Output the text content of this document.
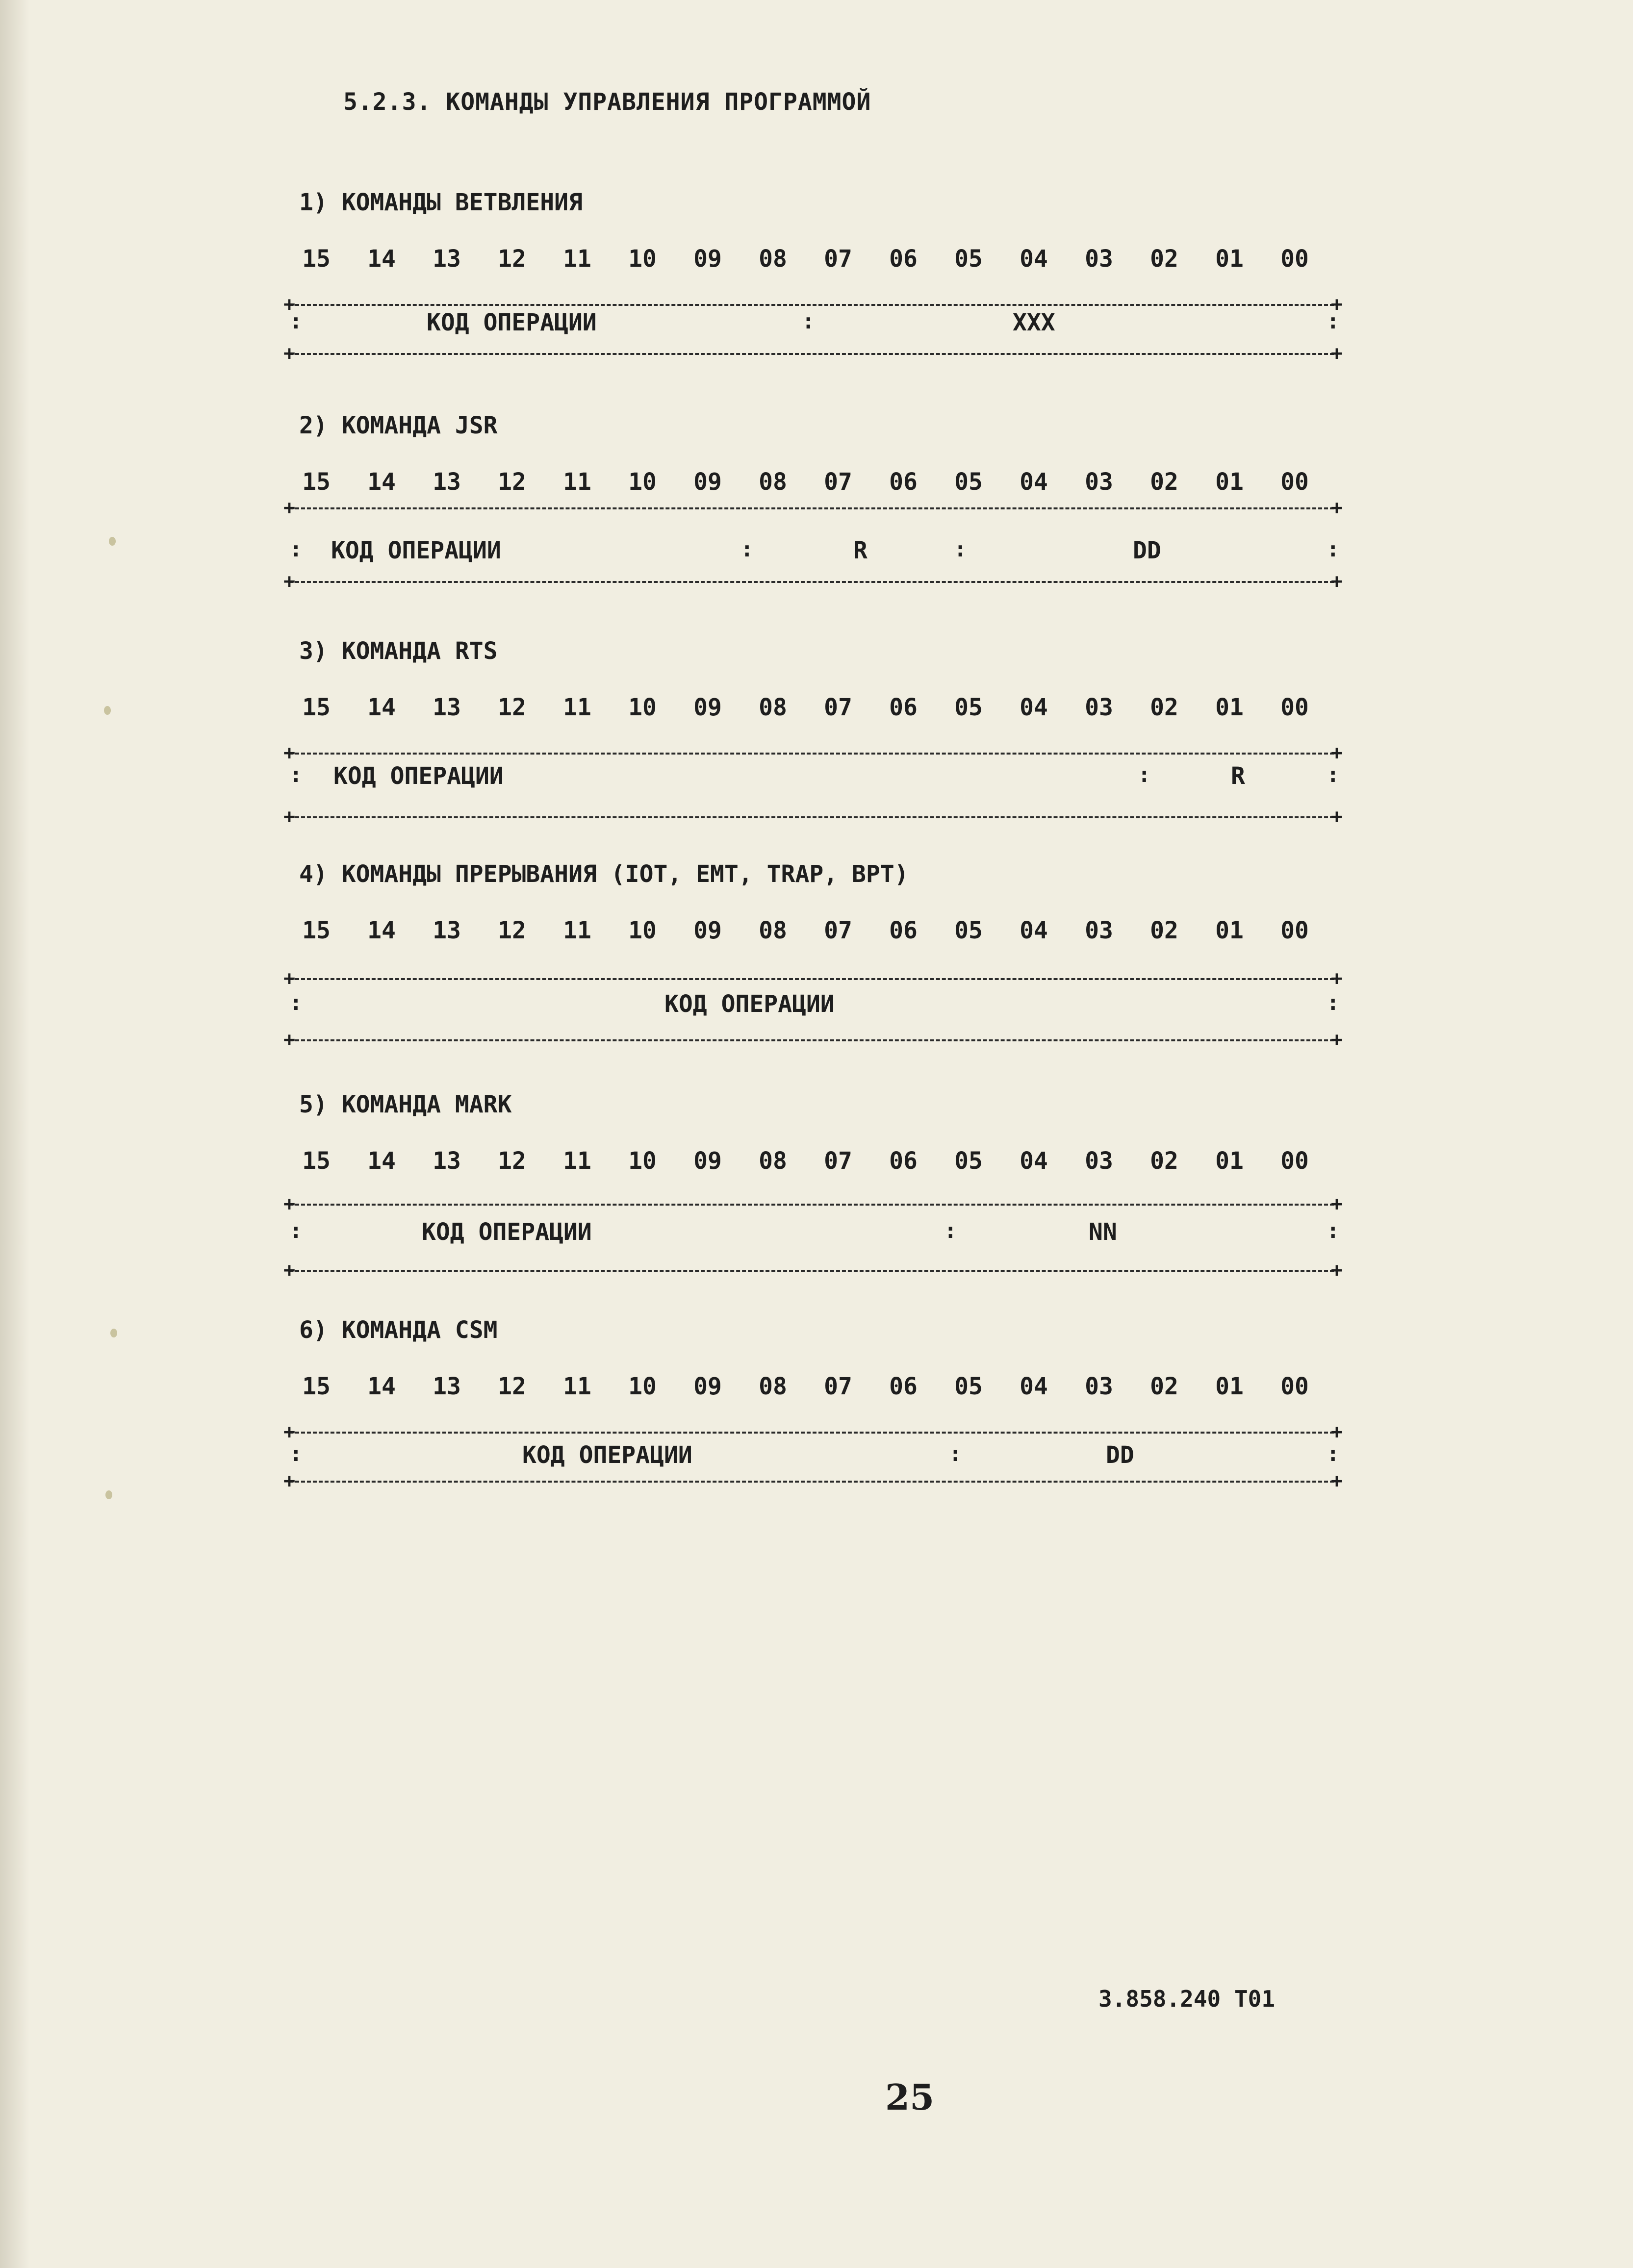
5.2.3. КОМАНДЫ УПРАВЛЕНИЯ ПРОГРАММОЙ
1) КОМАНДЫ ВЕТВЛЕНИЯ
15 14 13 12 11 10 09 08 07 06 05 04 03 02 01 00
+	+
:	КОД ОПЕРАЦИИ	:	XXX	:
+	+
2) КОМАНДА JSR
15 14 13 12 11 10 09 08 07 06 05 04 03 02 01 00
+	+
: КОД ОПЕРАЦИИ	:	R	:	DD	:
+	+
3) КОМАНДА RTS
15 14 13 12 11 10 09 08 07 06 05 04 03 02 01 00
+	+
: КОД ОПЕРАЦИИ	:	R	:
+	+
4) КОМАНДЫ ПРЕРЫВАНИЯ (IOT, EMT, TRAP, BPT)
15 14 13 12 11 10 09 08 07 06 05 04 03 02 01 00
+	+
:	КОД ОПЕРАЦИИ	:
+	+
5) КОМАНДА MARK
15 14 13 12 11 10 09 08 07 06 05 04 03 02 01 00
+	+
:	КОД ОПЕРАЦИИ	:	NN	:
+	+
6) КОМАНДА CSM
15 14 13 12 11 10 09 08 07 06 05 04 03 02 01 00
+	+
:	КОД ОПЕРАЦИИ	:	DD	:
+	+
3.858.240 Т01
25
